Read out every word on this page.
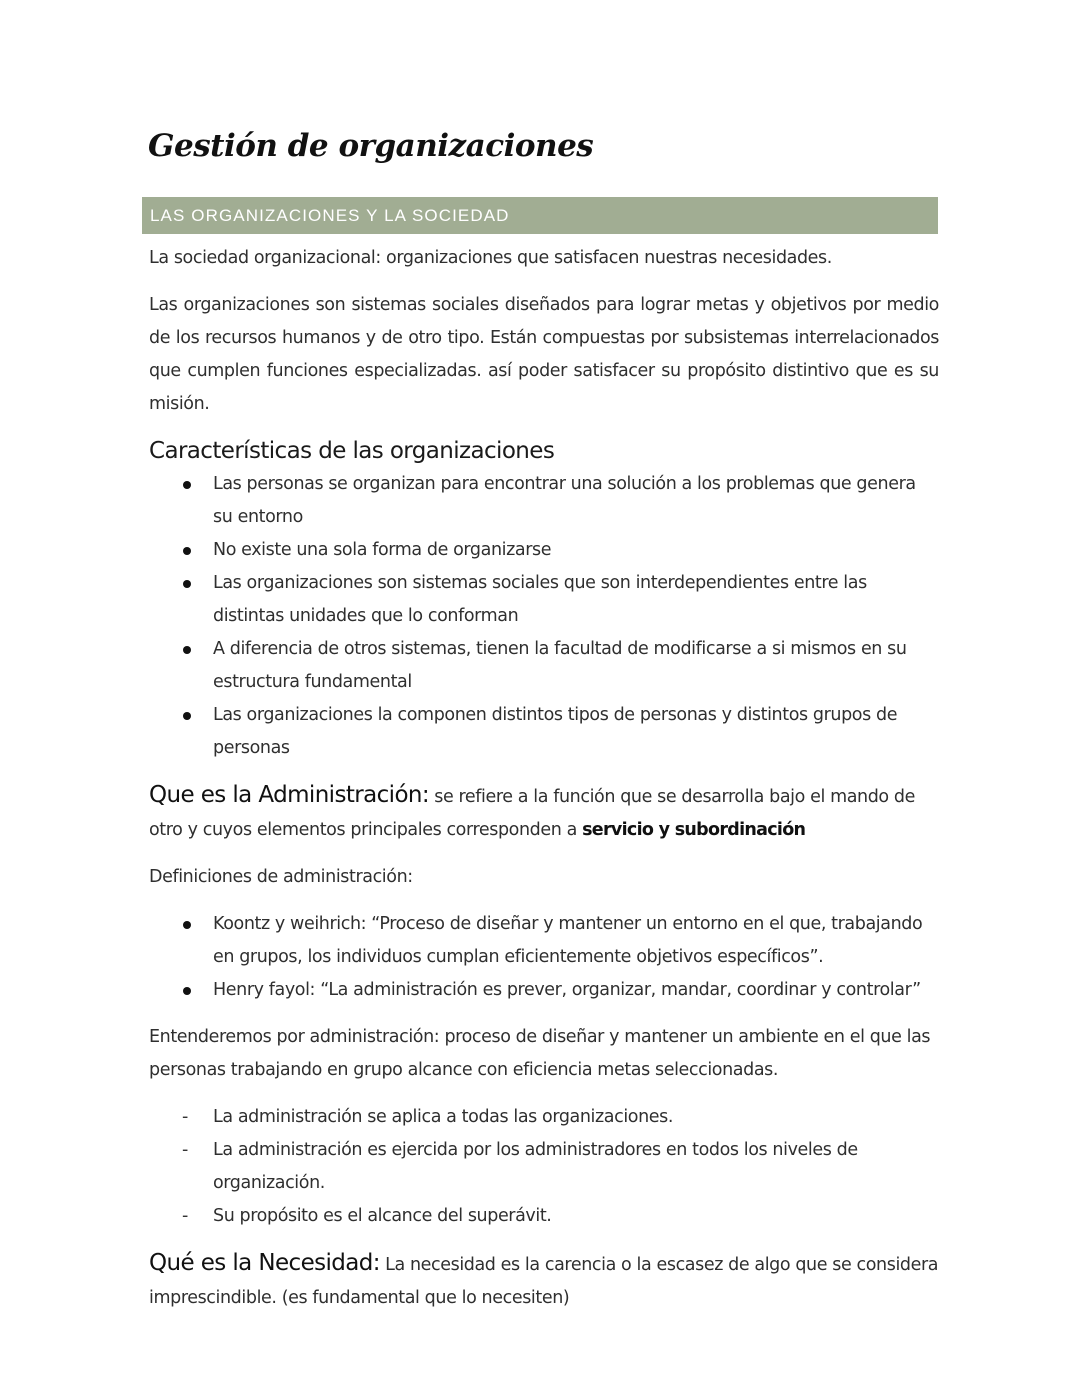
Gestión de organizaciones
LAS ORGANIZACIONES Y LA SOCIEDAD

La sociedad organizacional: organizaciones que satisfacen nuestras necesidades.

Las organizaciones son sistemas sociales diseñados para lograr metas y objetivos por medio de los recursos humanos y de otro tipo. Están compuestas por subsistemas interrelacionados que cumplen funciones especializadas. así poder satisfacer su propósito distintivo que es su misión.

Características de las organizaciones

Las personas se organizan para encontrar una solución a los problemas que genera su entorno
No existe una sola forma de organizarse
Las organizaciones son sistemas sociales que son interdependientes entre las distintas unidades que lo conforman
A diferencia de otros sistemas, tienen la facultad de modificarse a si mismos en su estructura fundamental
Las organizaciones la componen distintos tipos de personas y distintos grupos de personas

Que es la Administración: se refiere a la función que se desarrolla bajo el mando de otro y cuyos elementos principales corresponden a servicio y subordinación

Definiciones de administración:

Koontz y weihrich: “Proceso de diseñar y mantener un entorno en el que, trabajando en grupos, los individuos cumplan eficientemente objetivos específicos”.
Henry fayol: “La administración es prever, organizar, mandar, coordinar y controlar”

Entenderemos por administración: proceso de diseñar y mantener un ambiente en el que las personas trabajando en grupo alcance con eficiencia metas seleccionadas.

- La administración se aplica a todas las organizaciones.
- La administración es ejercida por los administradores en todos los niveles de organización.
- Su propósito es el alcance del superávit.

Qué es la Necesidad: La necesidad es la carencia o la escasez de algo que se considera imprescindible. (es fundamental que lo necesiten)
